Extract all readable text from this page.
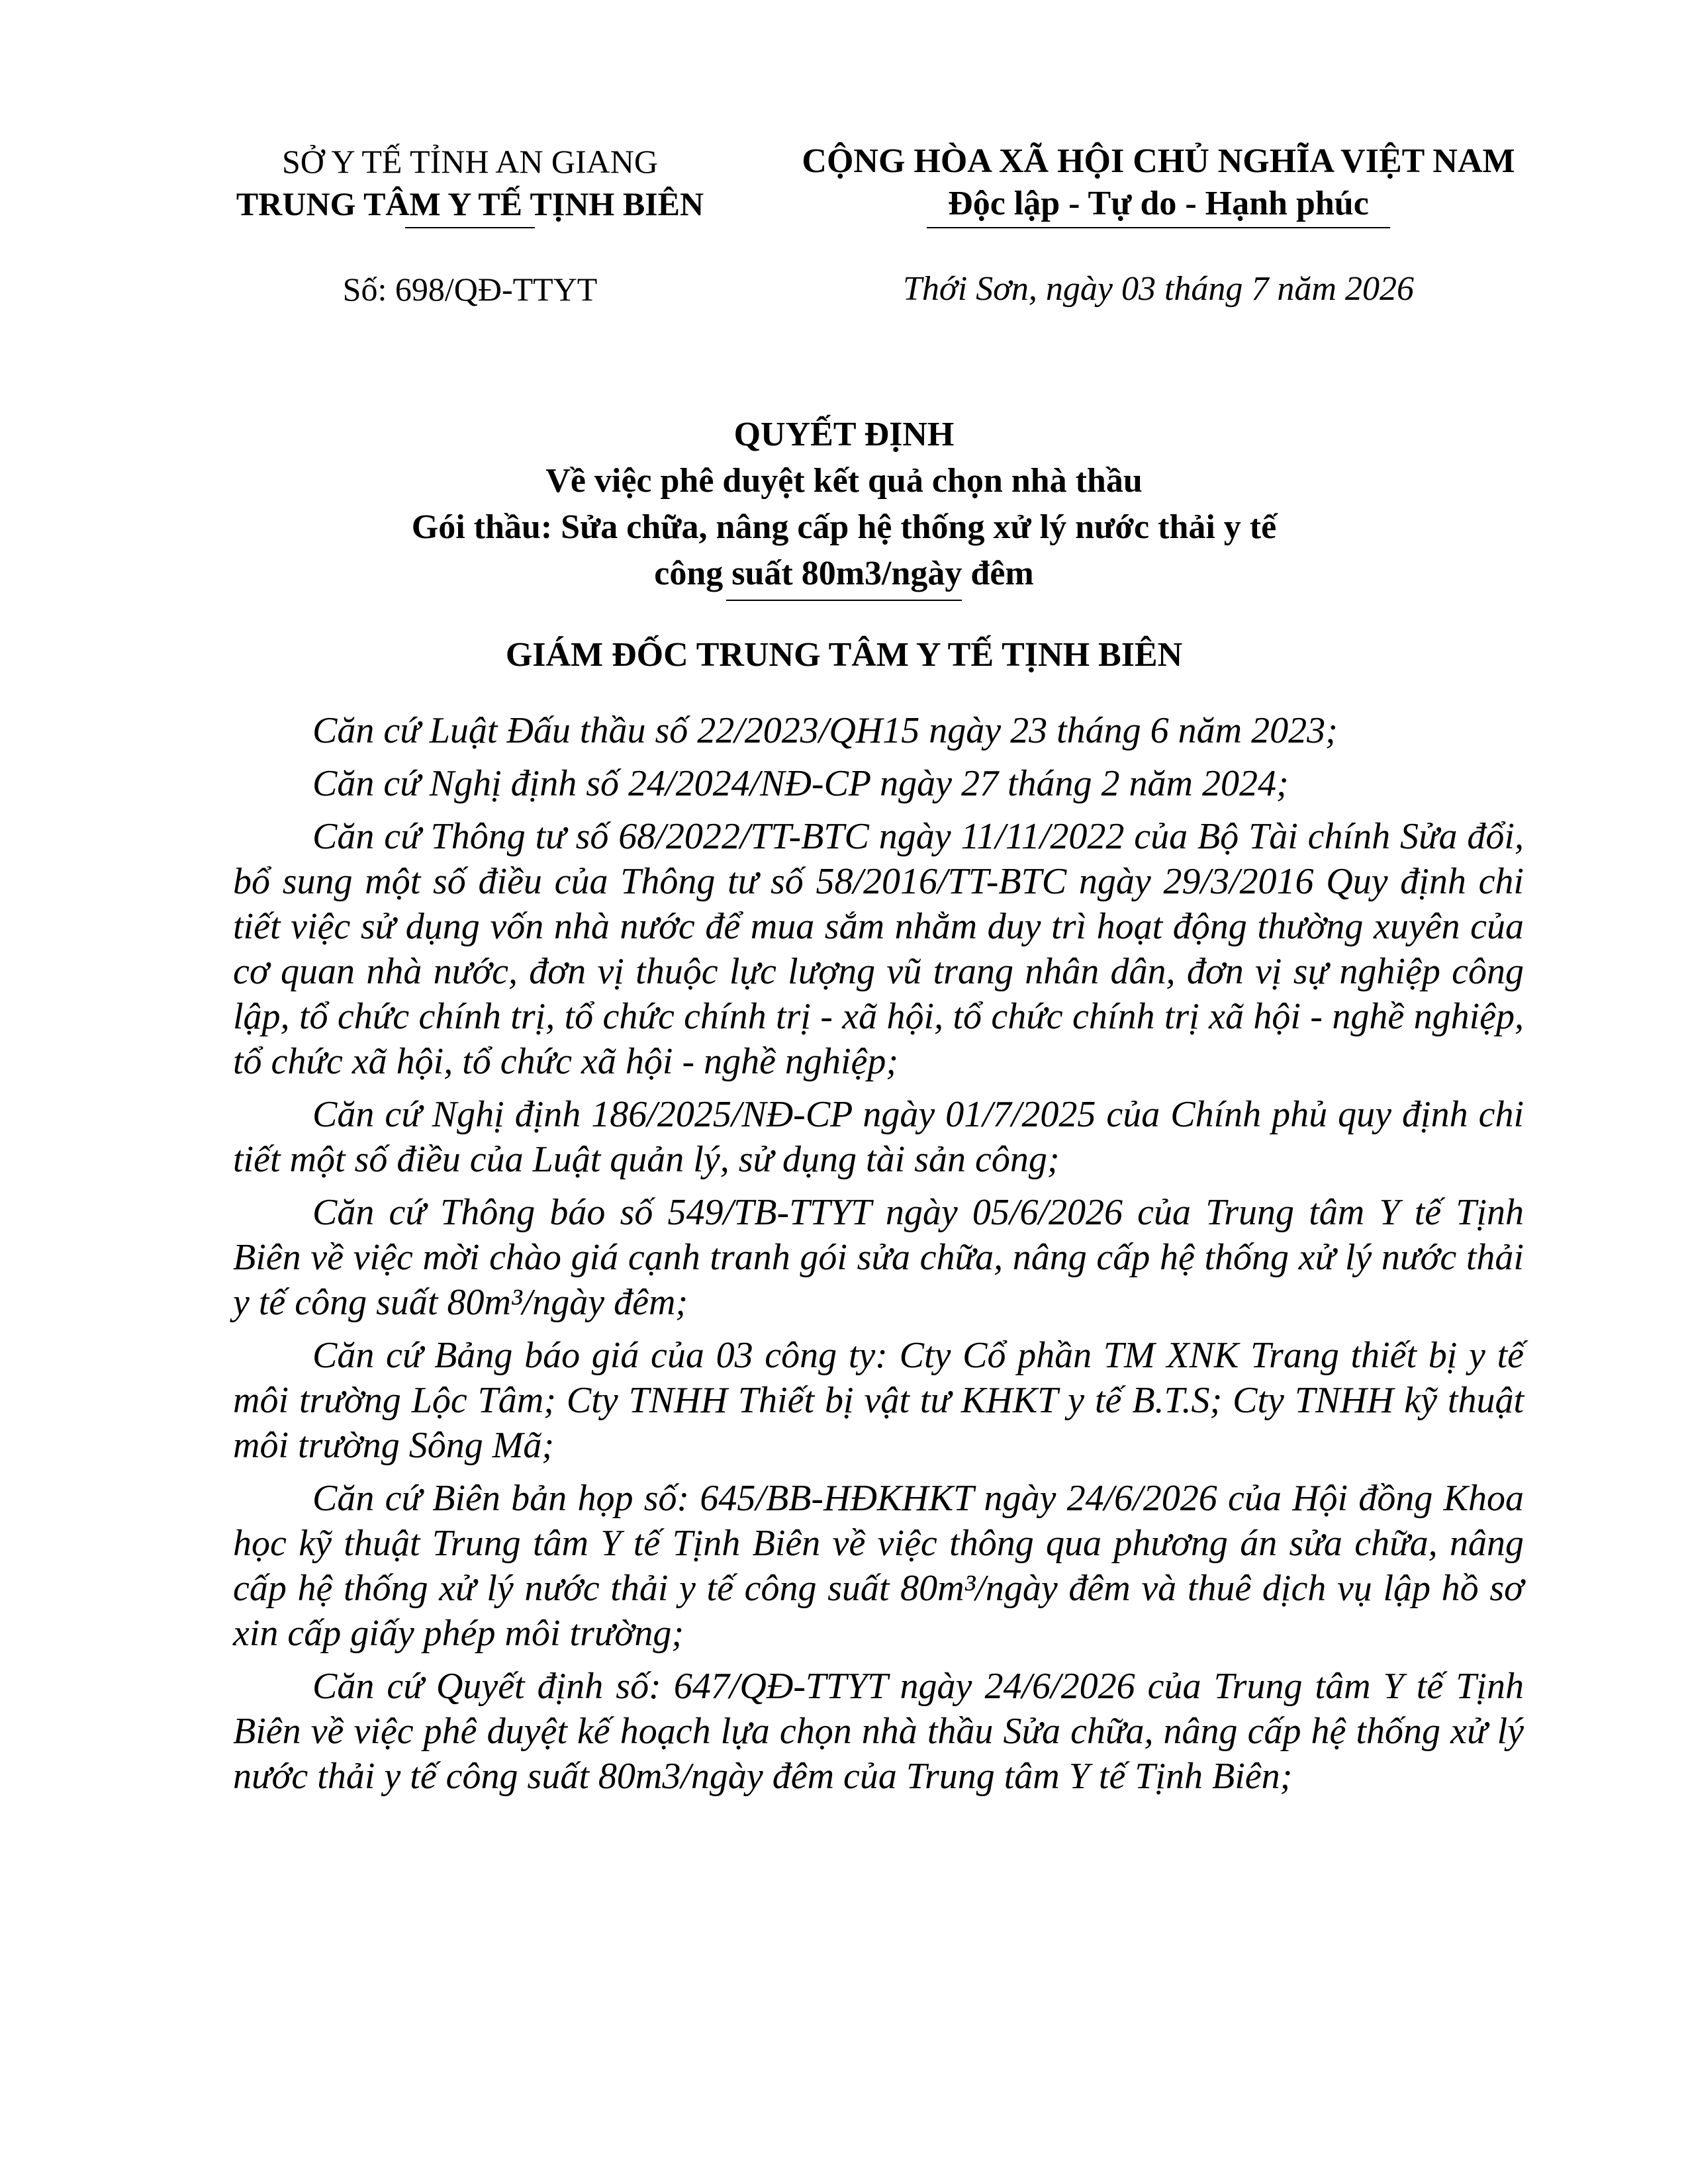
SỞ Y TẾ TỈNH AN GIANG
TRUNG TÂM Y TẾ TỊNH BIÊN
CỘNG HÒA XÃ HỘI CHỦ NGHĨA VIỆT NAM
Độc lập - Tự do - Hạnh phúc
Số: 698/QĐ-TTYT	Thới Sơn, ngày 03 tháng 7 năm 2026
QUYẾT ĐỊNH
Về việc phê duyệt kết quả chọn nhà thầu
Gói thầu: Sửa chữa, nâng cấp hệ thống xử lý nước thải y tế
công suất 80m3/ngày đêm
GIÁM ĐỐC TRUNG TÂM Y TẾ TỊNH BIÊN

Căn cứ Luật Đấu thầu số 22/2023/QH15 ngày 23 tháng 6 năm 2023;

Căn cứ Nghị định số 24/2024/NĐ-CP ngày 27 tháng 2 năm 2024;

Căn cứ Thông tư số 68/2022/TT-BTC ngày 11/11/2022 của Bộ Tài chính Sửa đổi, bổ sung một số điều của Thông tư số 58/2016/TT-BTC ngày 29/3/2016 Quy định chi tiết việc sử dụng vốn nhà nước để mua sắm nhằm duy trì hoạt động thường xuyên của cơ quan nhà nước, đơn vị thuộc lực lượng vũ trang nhân dân, đơn vị sự nghiệp công lập, tổ chức chính trị, tổ chức chính trị - xã hội, tổ chức chính trị xã hội - nghề nghiệp, tổ chức xã hội, tổ chức xã hội - nghề nghiệp;

Căn cứ Nghị định 186/2025/NĐ-CP ngày 01/7/2025 của Chính phủ quy định chi tiết một số điều của Luật quản lý, sử dụng tài sản công;

Căn cứ Thông báo số 549/TB-TTYT ngày 05/6/2026 của Trung tâm Y tế Tịnh Biên về việc mời chào giá cạnh tranh gói sửa chữa, nâng cấp hệ thống xử lý nước thải y tế công suất 80m³/ngày đêm;

Căn cứ Bảng báo giá của 03 công ty: Cty Cổ phần TM XNK Trang thiết bị y tế môi trường Lộc Tâm; Cty TNHH Thiết bị vật tư KHKT y tế B.T.S; Cty TNHH kỹ thuật môi trường Sông Mã;

Căn cứ Biên bản họp số: 645/BB-HĐKHKT ngày 24/6/2026 của Hội đồng Khoa học kỹ thuật Trung tâm Y tế Tịnh Biên về việc thông qua phương án sửa chữa, nâng cấp hệ thống xử lý nước thải y tế công suất 80m³/ngày đêm và thuê dịch vụ lập hồ sơ xin cấp giấy phép môi trường;

Căn cứ Quyết định số: 647/QĐ-TTYT ngày 24/6/2026 của Trung tâm Y tế Tịnh Biên về việc phê duyệt kế hoạch lựa chọn nhà thầu Sửa chữa, nâng cấp hệ thống xử lý nước thải y tế công suất 80m3/ngày đêm của Trung tâm Y tế Tịnh Biên;
